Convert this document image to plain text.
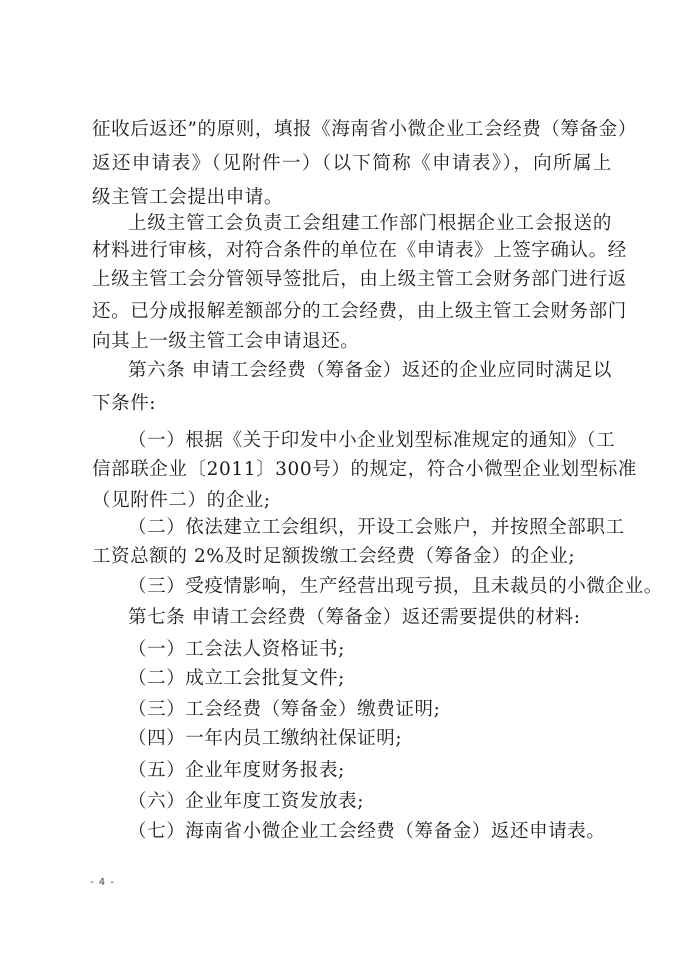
征收后返还”的原则，填报《海南省小微企业工会经费（筹备金）
返还申请表》（见附件一）（以下简称《申请表》），向所属上
级主管工会提出申请。
上级主管工会负责工会组建工作部门根据企业工会报送的
材料进行审核，对符合条件的单位在《申请表》上签字确认。经
上级主管工会分管领导签批后，由上级主管工会财务部门进行返
还。已分成报解差额部分的工会经费，由上级主管工会财务部门
向其上一级主管工会申请退还。
第六条 申请工会经费（筹备金）返还的企业应同时满足以
下条件:
（一）根据《关于印发中小企业划型标准规定的通知》（工
信部联企业〔2011〕300号）的规定，符合小微型企业划型标准
（见附件二）的企业;
（二）依法建立工会组织，开设工会账户，并按照全部职工
工资总额的 2%及时足额拨缴工会经费（筹备金）的企业;
（三）受疫情影响，生产经营出现亏损，且未裁员的小微企业。
第七条 申请工会经费（筹备金）返还需要提供的材料:
（一）工会法人资格证书;
（二）成立工会批复文件;
（三）工会经费（筹备金）缴费证明;
（四）一年内员工缴纳社保证明;
（五）企业年度财务报表;
（六）企业年度工资发放表;
（七）海南省小微企业工会经费（筹备金）返还申请表。
- 4 -
